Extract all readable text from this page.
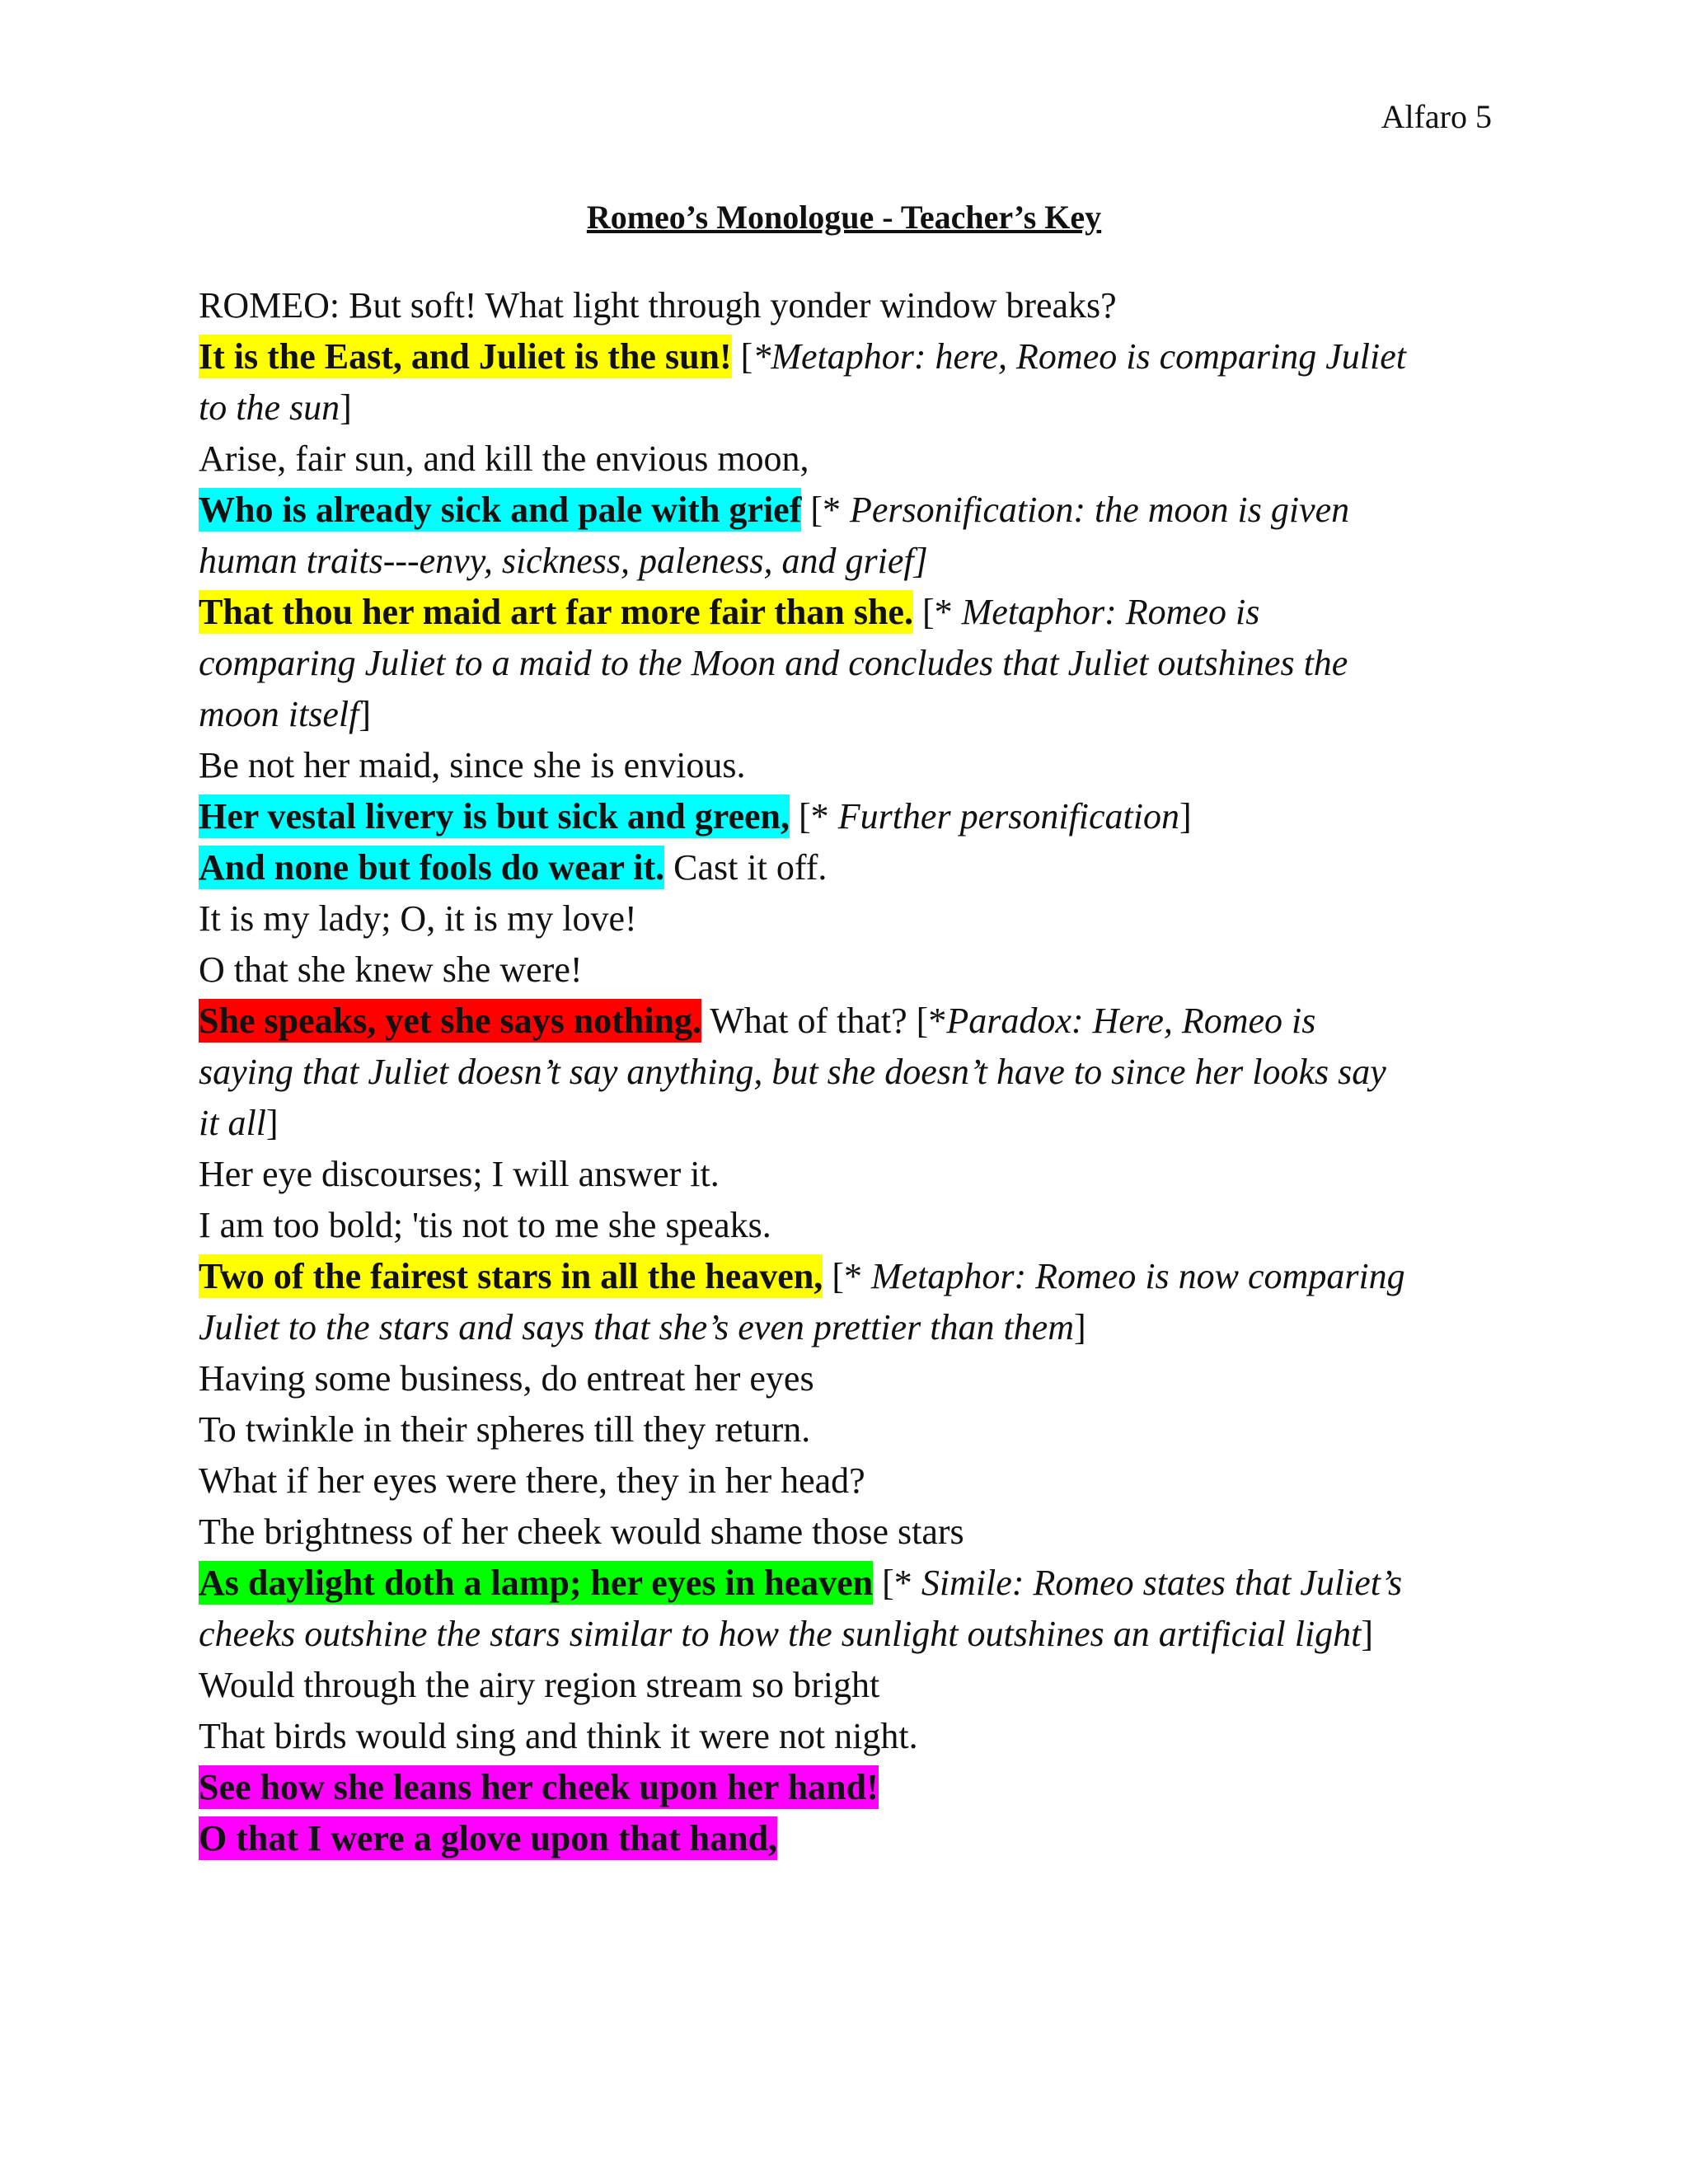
Alfaro 5
Romeo’s Monologue - Teacher’s Key
ROMEO: But soft! What light through yonder window breaks?
It is the East, and Juliet is the sun! [*Metaphor: here, Romeo is comparing Juliet
to the sun]
Arise, fair sun, and kill the envious moon,
Who is already sick and pale with grief [* Personification: the moon is given
human traits---envy, sickness, paleness, and grief]
That thou her maid art far more fair than she. [* Metaphor: Romeo is
comparing Juliet to a maid to the Moon and concludes that Juliet outshines the
moon itself]
Be not her maid, since she is envious.
Her vestal livery is but sick and green, [* Further personification]
And none but fools do wear it. Cast it off.
It is my lady; O, it is my love!
O that she knew she were!
She speaks, yet she says nothing. What of that? [*Paradox: Here, Romeo is
saying that Juliet doesn’t say anything, but she doesn’t have to since her looks say
it all]
Her eye discourses; I will answer it.
I am too bold; 'tis not to me she speaks.
Two of the fairest stars in all the heaven, [* Metaphor: Romeo is now comparing
Juliet to the stars and says that she’s even prettier than them]
Having some business, do entreat her eyes
To twinkle in their spheres till they return.
What if her eyes were there, they in her head?
The brightness of her cheek would shame those stars
As daylight doth a lamp; her eyes in heaven [* Simile: Romeo states that Juliet’s
cheeks outshine the stars similar to how the sunlight outshines an artificial light]
Would through the airy region stream so bright
That birds would sing and think it were not night.
See how she leans her cheek upon her hand!
O that I were a glove upon that hand,
